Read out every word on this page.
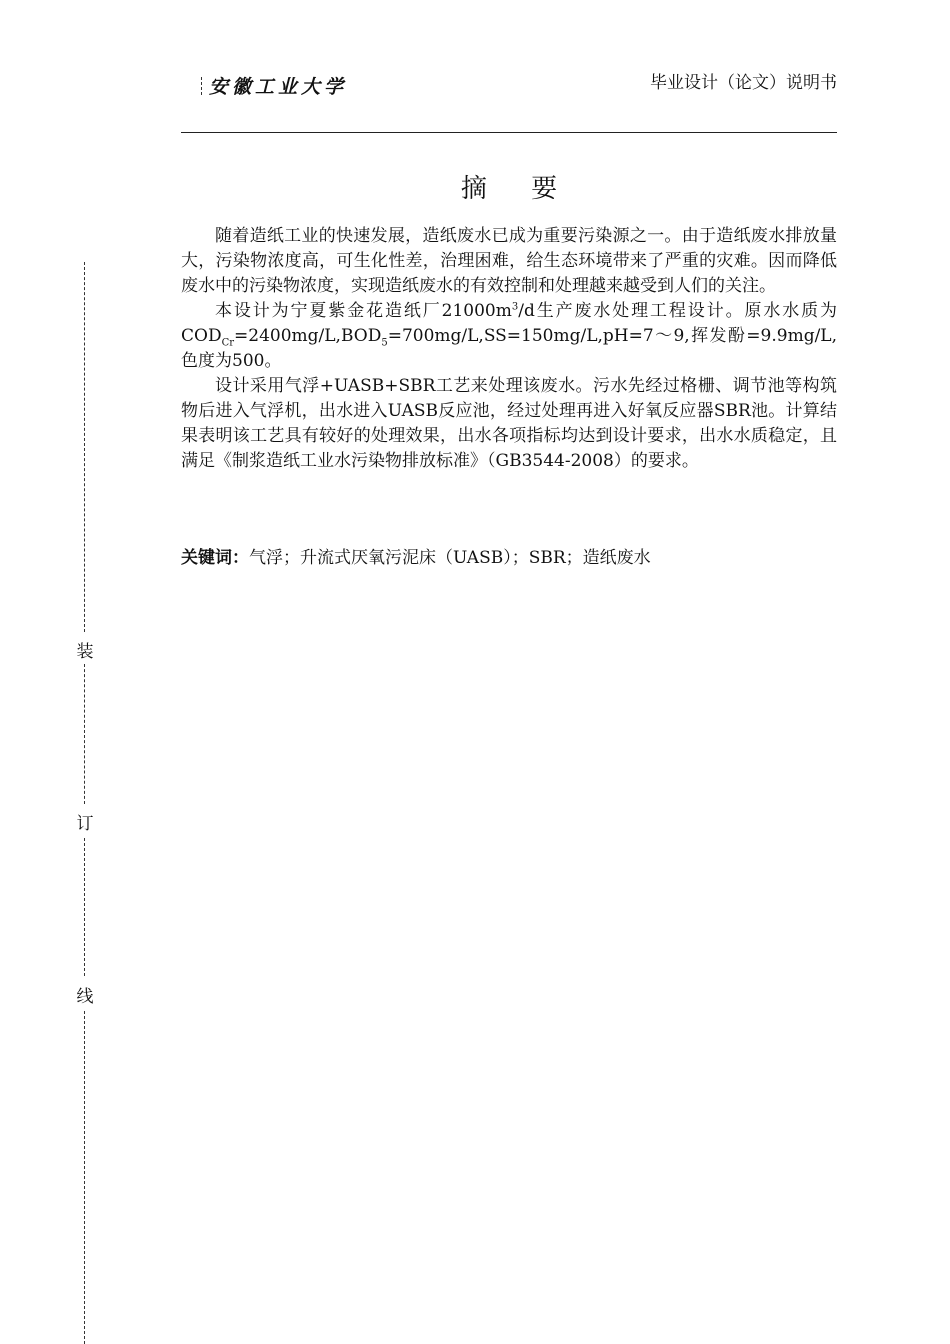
安徽工业大学	毕业设计（论文）说明书
摘 要

随着造纸工业的快速发展，造纸废水已成为重要污染源之一。由于造纸废水排放量大，污染物浓度高，可生化性差，治理困难，给生态环境带来了严重的灾难。因而降低废水中的污染物浓度，实现造纸废水的有效控制和处理越来越受到人们的关注。

本设计为宁夏紫金花造纸厂$21000m^3/d$生产废水处理工程设计。原水水质为$COD_{Cr}=2400mg/L,BOD_5=700mg/L,SS=150mg/L,pH=7\sim 9$,挥发酚=9.9mg/L,色度为500。

设计采用气浮+UASB+SBR工艺来处理该废水。污水先经过格栅、调节池等构筑物后进入气浮机，出水进入UASB反应池，经过处理再进入好氧反应器SBR池。计算结果表明该工艺具有较好的处理效果，出水各项指标均达到设计要求，出水水质稳定，且满足《制浆造纸工业水污染物排放标准》（GB3544-2008）的要求。

关键词：气浮；升流式厌氧污泥床（UASB）；SBR；造纸废水
装
订
线
